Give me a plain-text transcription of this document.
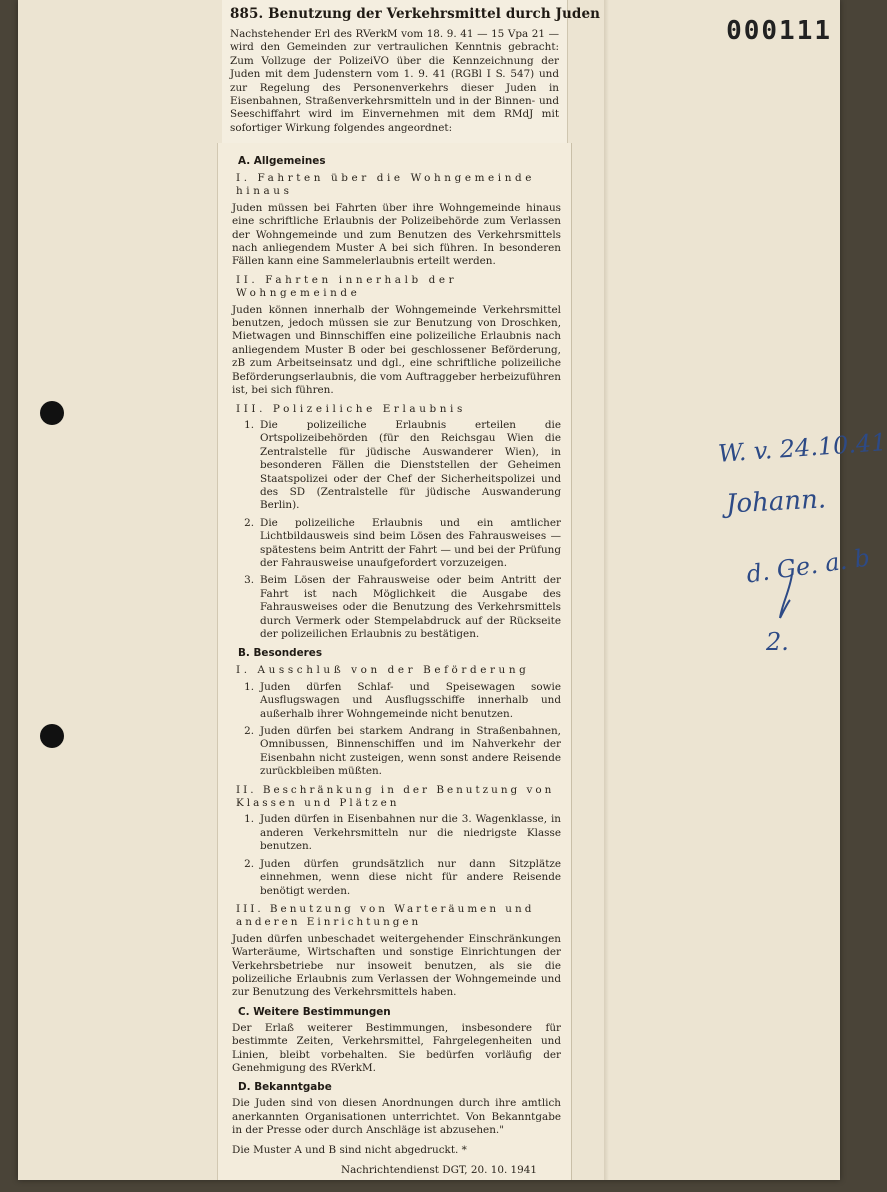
000111
W. v. 24.10.41
Johann.
d. Ge. a. b
2.
885. Benutzung der Verkehrsmittel durch Juden

Nachstehender Erl des RVerkM vom 18. 9. 41 — 15 Vpa 21 — wird den Gemeinden zur vertraulichen Kenntnis gebracht: Zum Vollzuge der PolizeiVO über die Kennzeichnung der Juden mit dem Judenstern vom 1. 9. 41 (RGBl I S. 547) und zur Regelung des Personenverkehrs dieser Juden in Eisenbahnen, Straßenverkehrsmitteln und in der Binnen- und Seeschiffahrt wird im Einvernehmen mit dem RMdJ mit sofortiger Wirkung folgendes angeordnet:

A. Allgemeines
I. Fahrten über die Wohngemeinde hinaus

Juden müssen bei Fahrten über ihre Wohngemeinde hinaus eine schriftliche Erlaubnis der Polizeibehörde zum Verlassen der Wohngemeinde und zum Benutzen des Verkehrsmittels nach anliegendem Muster A bei sich führen. In besonderen Fällen kann eine Sammelerlaubnis erteilt werden.

II. Fahrten innerhalb der Wohngemeinde

Juden können innerhalb der Wohngemeinde Verkehrsmittel benutzen, jedoch müssen sie zur Benutzung von Droschken, Mietwagen und Binnschiffen eine polizeiliche Erlaubnis nach anliegendem Muster B oder bei geschlossener Beförderung, zB zum Arbeitseinsatz und dgl., eine schriftliche polizeiliche Beförderungserlaubnis, die vom Auftraggeber herbeizuführen ist, bei sich führen.

III. Polizeiliche Erlaubnis
1. Die polizeiliche Erlaubnis erteilen die Ortspolizeibehörden (für den Reichsgau Wien die Zentralstelle für jüdische Auswanderer Wien), in besonderen Fällen die Dienststellen der Geheimen Staatspolizei oder der Chef der Sicherheitspolizei und des SD (Zentralstelle für jüdische Auswanderung Berlin).
2. Die polizeiliche Erlaubnis und ein amtlicher Lichtbildausweis sind beim Lösen des Fahrausweises — spätestens beim Antritt der Fahrt — und bei der Prüfung der Fahrausweise unaufgefordert vorzuzeigen.
3. Beim Lösen der Fahrausweise oder beim Antritt der Fahrt ist nach Möglichkeit die Ausgabe des Fahrausweises oder die Benutzung des Verkehrsmittels durch Vermerk oder Stempelabdruck auf der Rückseite der polizeilichen Erlaubnis zu bestätigen.
B. Besonderes
I. Ausschluß von der Beförderung
1. Juden dürfen Schlaf- und Speisewagen sowie Ausflugswagen und Ausflugsschiffe innerhalb und außerhalb ihrer Wohngemeinde nicht benutzen.
2. Juden dürfen bei starkem Andrang in Straßenbahnen, Omnibussen, Binnenschiffen und im Nahverkehr der Eisenbahn nicht zusteigen, wenn sonst andere Reisende zurückbleiben müßten.
II. Beschränkung in der Benutzung von Klassen und Plätzen
1. Juden dürfen in Eisenbahnen nur die 3. Wagenklasse, in anderen Verkehrsmitteln nur die niedrigste Klasse benutzen.
2. Juden dürfen grundsätzlich nur dann Sitzplätze einnehmen, wenn diese nicht für andere Reisende benötigt werden.
III. Benutzung von Warteräumen und anderen Einrichtungen

Juden dürfen unbeschadet weitergehender Einschränkungen Warteräume, Wirtschaften und sonstige Einrichtungen der Verkehrsbetriebe nur insoweit benutzen, als sie die polizeiliche Erlaubnis zum Verlassen der Wohngemeinde und zur Benutzung des Verkehrsmittels haben.

C. Weitere Bestimmungen

Der Erlaß weiterer Bestimmungen, insbesondere für bestimmte Zeiten, Verkehrsmittel, Fahrgelegenheiten und Linien, bleibt vorbehalten. Sie bedürfen vorläufig der Genehmigung des RVerkM.

D. Bekanntgabe

Die Juden sind von diesen Anordnungen durch ihre amtlich anerkannten Organisationen unterrichtet. Von Bekanntgabe in der Presse oder durch Anschläge ist abzusehen."

Die Muster A und B sind nicht abgedruckt. *
Nachrichtendienst DGT, 20. 10. 1941
